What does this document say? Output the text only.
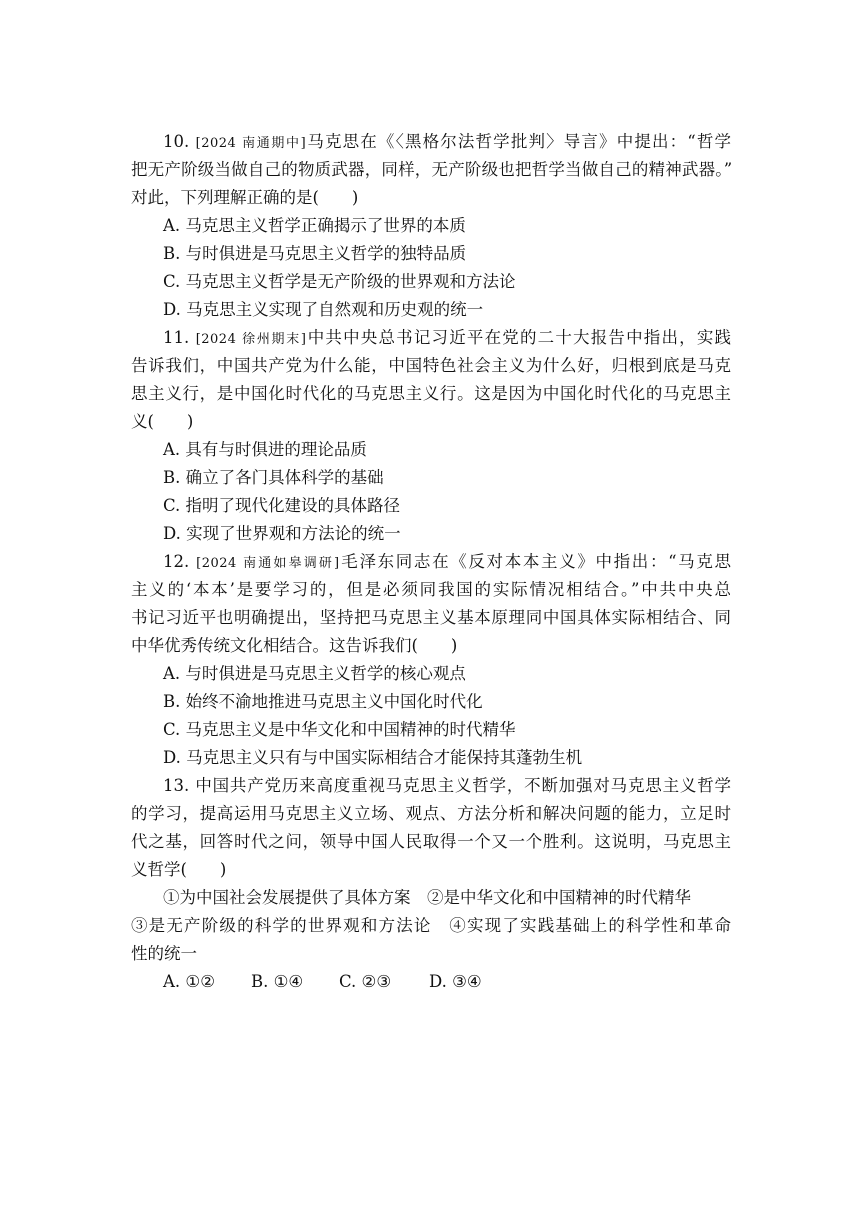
10. [2024 南通期中]马克思在《〈黑格尔法哲学批判〉导言》中提出：“哲学
把无产阶级当做自己的物质武器，同样，无产阶级也把哲学当做自己的精神武器。”
对此，下列理解正确的是(　　)
A. 马克思主义哲学正确揭示了世界的本质
B. 与时俱进是马克思主义哲学的独特品质
C. 马克思主义哲学是无产阶级的世界观和方法论
D. 马克思主义实现了自然观和历史观的统一
11. [2024 徐州期末]中共中央总书记习近平在党的二十大报告中指出，实践
告诉我们，中国共产党为什么能，中国特色社会主义为什么好，归根到底是马克
思主义行，是中国化时代化的马克思主义行。这是因为中国化时代化的马克思主
义(　　)
A. 具有与时俱进的理论品质
B. 确立了各门具体科学的基础
C. 指明了现代化建设的具体路径
D. 实现了世界观和方法论的统一
12. [2024 南通如皋调研]毛泽东同志在《反对本本主义》中指出：“马克思
主义的‘本本’是要学习的，但是必须同我国的实际情况相结合。”中共中央总
书记习近平也明确提出，坚持把马克思主义基本原理同中国具体实际相结合、同
中华优秀传统文化相结合。这告诉我们(　　)
A. 与时俱进是马克思主义哲学的核心观点
B. 始终不渝地推进马克思主义中国化时代化
C. 马克思主义是中华文化和中国精神的时代精华
D. 马克思主义只有与中国实际相结合才能保持其蓬勃生机
13. 中国共产党历来高度重视马克思主义哲学，不断加强对马克思主义哲学
的学习，提高运用马克思主义立场、观点、方法分析和解决问题的能力，立足时
代之基，回答时代之问，领导中国人民取得一个又一个胜利。这说明，马克思主
义哲学(　　)
①为中国社会发展提供了具体方案　 ②是中华文化和中国精神的时代精华
③是无产阶级的科学的世界观和方法论　 ④实现了实践基础上的科学性和革命
性的统一
A. ①② B. ①④ C. ②③ D. ③④
